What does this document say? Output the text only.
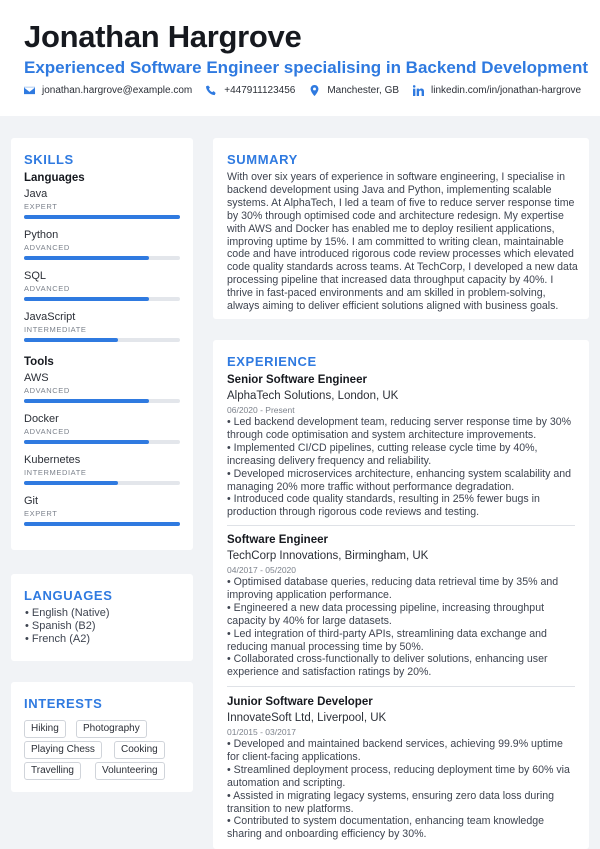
Jonathan Hargrove
Experienced Software Engineer specialising in Backend Development
jonathan.hargrove@example.com	+447911123456	Manchester, GB	linkedin.com/in/jonathan-hargrove
SKILLS
Languages
Java
EXPERT
Python
ADVANCED
SQL
ADVANCED
JavaScript
INTERMEDIATE
Tools
AWS
ADVANCED
Docker
ADVANCED
Kubernetes
INTERMEDIATE
Git
EXPERT
LANGUAGES
• English (Native)
• Spanish (B2)
• French (A2)
INTERESTS
Hiking	Photography
Playing Chess	Cooking
Travelling	Volunteering
SUMMARY
With over six years of experience in software engineering, I specialise in backend development using Java and Python, implementing scalable systems. At AlphaTech, I led a team of five to reduce server response time by 30% through optimised code and architecture redesign. My expertise with AWS and Docker has enabled me to deploy resilient applications, improving uptime by 15%. I am committed to writing clean, maintainable code and have introduced rigorous code review processes which elevated code quality standards across teams. At TechCorp, I developed a new data processing pipeline that increased data throughput capacity by 40%. I thrive in fast-paced environments and am skilled in problem-solving, always aiming to deliver efficient solutions aligned with business goals.
EXPERIENCE
Senior Software Engineer
AlphaTech Solutions, London, UK
06/2020 - Present
• Led backend development team, reducing server response time by 30% through code optimisation and system architecture improvements.
• Implemented CI/CD pipelines, cutting release cycle time by 40%, increasing delivery frequency and reliability.
• Developed microservices architecture, enhancing system scalability and managing 20% more traffic without performance degradation.
• Introduced code quality standards, resulting in 25% fewer bugs in production through rigorous code reviews and testing.
Software Engineer
TechCorp Innovations, Birmingham, UK
04/2017 - 05/2020
• Optimised database queries, reducing data retrieval time by 35% and improving application performance.
• Engineered a new data processing pipeline, increasing throughput capacity by 40% for large datasets.
• Led integration of third-party APIs, streamlining data exchange and reducing manual processing time by 50%.
• Collaborated cross-functionally to deliver solutions, enhancing user experience and satisfaction ratings by 20%.
Junior Software Developer
InnovateSoft Ltd, Liverpool, UK
01/2015 - 03/2017
• Developed and maintained backend services, achieving 99.9% uptime for client-facing applications.
• Streamlined deployment process, reducing deployment time by 60% via automation and scripting.
• Assisted in migrating legacy systems, ensuring zero data loss during transition to new platforms.
• Contributed to system documentation, enhancing team knowledge sharing and onboarding efficiency by 30%.
